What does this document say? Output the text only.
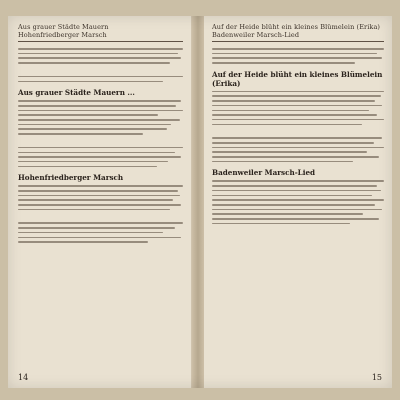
Aus grauer Städte Mauern
Hohenfriedberger Marsch
Aus grauer Städte Mauern ...
Hohenfriedberger Marsch
14
Auf der Heide blüht ein kleines Blümelein (Erika)
Badenweiler Marsch-Lied
Auf der Heide blüht ein kleines Blümelein (Erika)
Badenweiler Marsch-Lied
15
